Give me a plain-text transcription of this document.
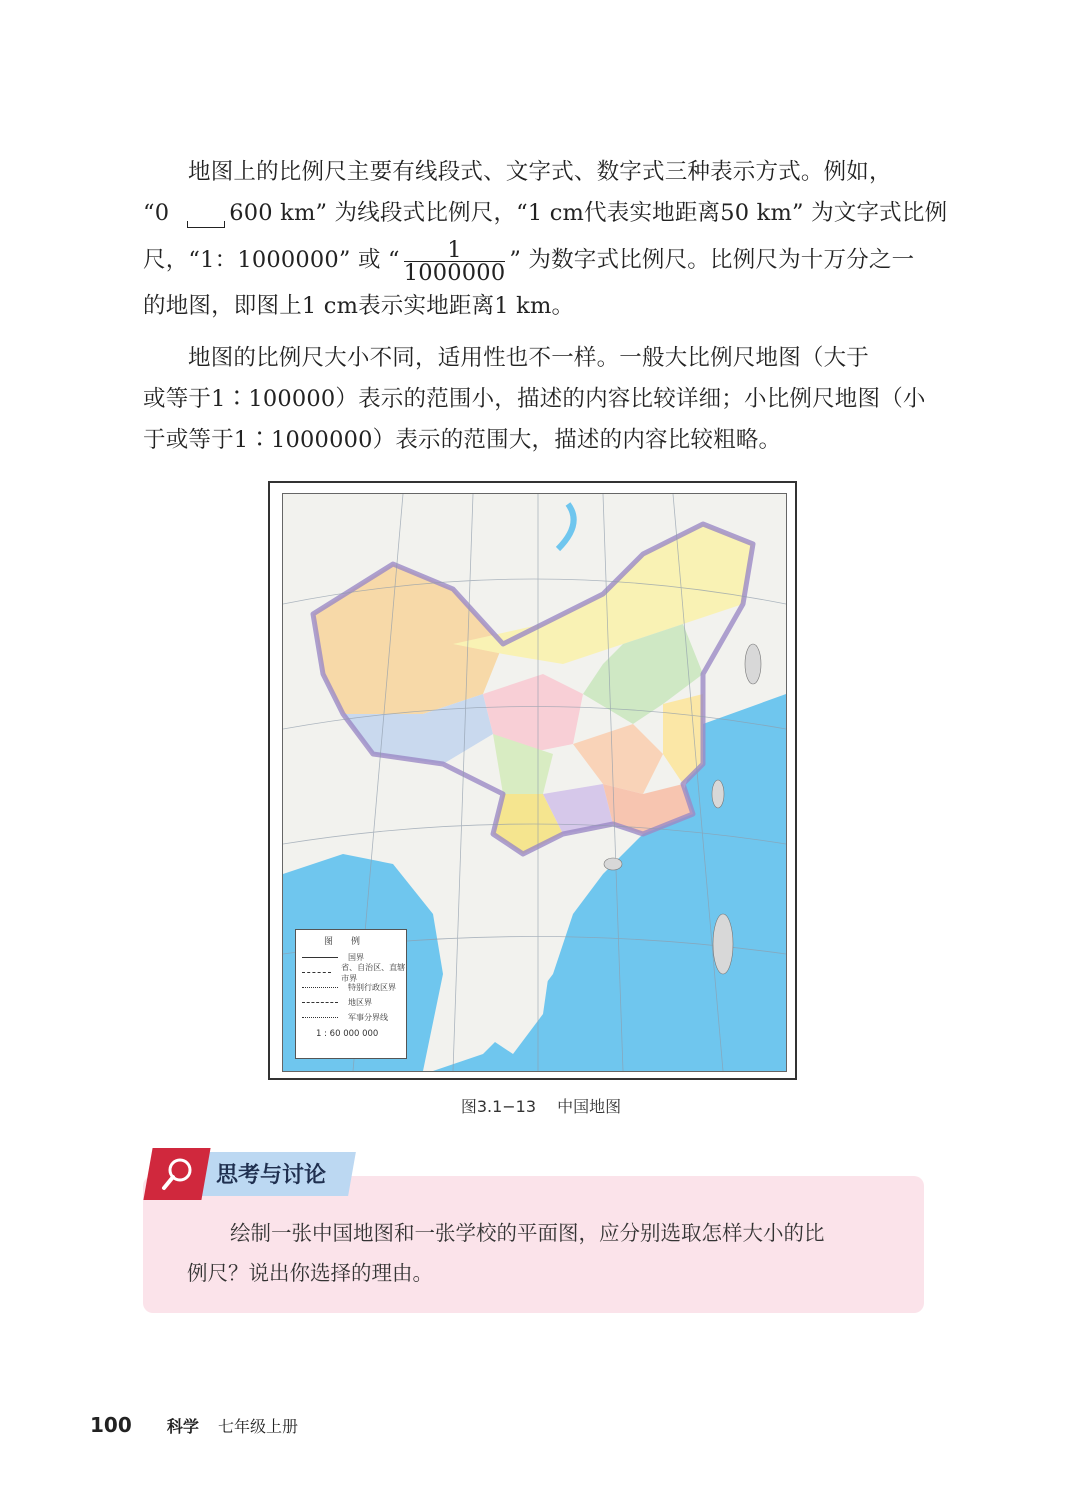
地图上的比例尺主要有线段式、文字式、数字式三种表示方式。例如，
“0	600 km” 为线段式比例尺，“1 cm代表实地距离50 km” 为文字式比例
尺，“1：1000000” 或 “ $\frac{1}{1000000}$ ” 为数字式比例尺。比例尺为十万分之一
的地图，即图上1 cm表示实地距离1 km。
地图的比例尺大小不同，适用性也不一样。一般大比例尺地图（大于
或等于1∶100000）表示的范围小，描述的内容比较详细；小比例尺地图（小
于或等于1∶1000000）表示的范围大，描述的内容比较粗略。
图例
国界
省、自治区、直辖市界
特别行政区界
地区界
军事分界线
1 : 60 000 000
图3.1−13 中国地图
思考与讨论
绘制一张中国地图和一张学校的平面图，应分别选取怎样大小的比
例尺？说出你选择的理由。
100 科学 七年级上册
